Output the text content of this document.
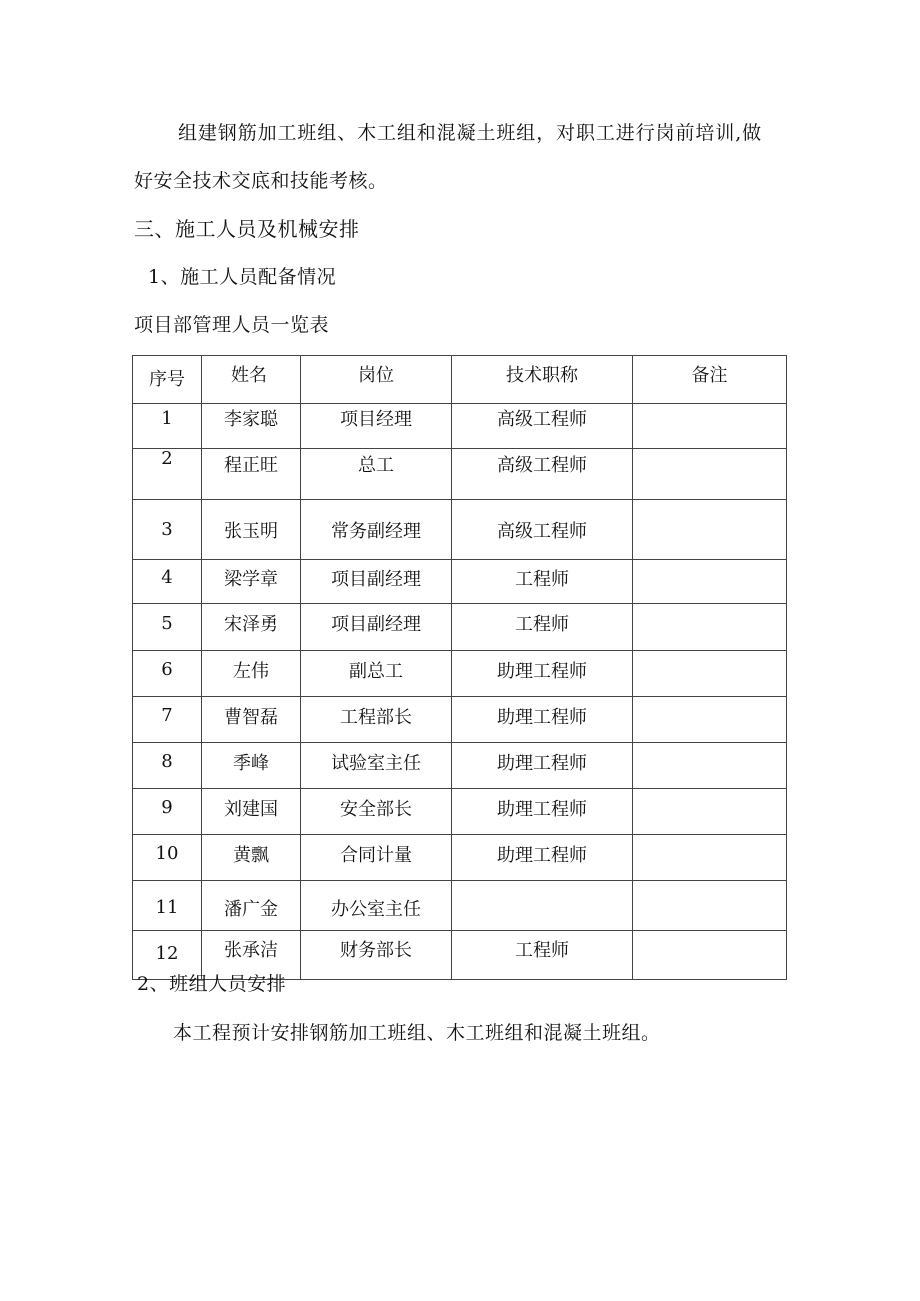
组建钢筋加工班组、木工组和混凝土班组，对职工进行岗前培训,做
好安全技术交底和技能考核。
三、施工人员及机械安排
1、施工人员配备情况
项目部管理人员一览表
序号	姓名	岗位	技术职称	备注
1	李家聪	项目经理	高级工程师	
2	程正旺	总工	高级工程师	
3	张玉明	常务副经理	高级工程师	
4	梁学章	项目副经理	工程师	
5	宋泽勇	项目副经理	工程师	
6	左伟	副总工	助理工程师	
7	曹智磊	工程部长	助理工程师	
8	季峰	试验室主任	助理工程师	
9	刘建国	安全部长	助理工程师	
10	黄飘	合同计量	助理工程师	
11	潘广金	办公室主任		
12	张承洁	财务部长	工程师	
2、班组人员安排
本工程预计安排钢筋加工班组、木工班组和混凝土班组。
